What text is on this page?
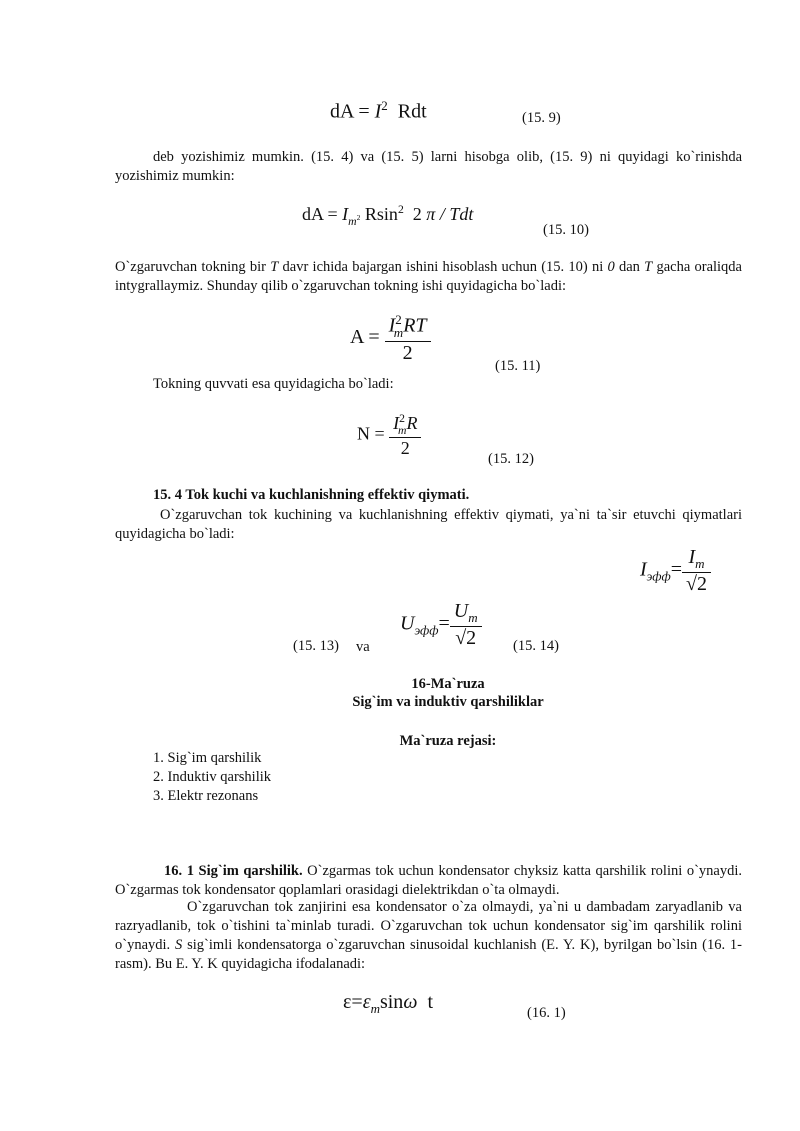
dA = $I^2$ Rdt	(15. 9)
deb yozishimiz mumkin. (15. 4) va (15. 5) larni hisobga olib, (15. 9) ni quyidagi ko`rinishda yozishimiz mumkin:
dA = $I_{m^2}$ Rsin$^2$ 2 π / Tdt
(15. 10)
O`zgaruvchan tokning bir T davr ichida bajargan ishini hisoblash uchun (15. 10) ni 0 dan T gacha oraliqda intygrallaymiz. Shunday qilib o`zgaruvchan tokning ishi quyidagicha bo`ladi:
$A = \frac{I^2_mRT}{2}$
(15. 11)
Tokning quvvati esa quyidagicha bo`ladi:
$N = \frac{I^2_mR}{2}$
(15. 12)
15. 4 Tok kuchi va kuchlanishning effektiv qiymati.
O`zgaruvchan tok kuchining va kuchlanishning effektiv qiymati, ya`ni ta`sir etuvchi qiymatlari quyidagicha bo`ladi:
$I_{эфф}= \frac{I_m}{√2}$
$U_{эфф}= \frac{U_m}{√2}$
(15. 13) va	(15. 14)
16-Ma`ruza
Sig`im va induktiv qarshiliklar
Ma`ruza rejasi:
1. Sig`im qarshilik
2. Induktiv qarshilik
3. Elektr rezonans
16. 1 Sig`im qarshilik. O`zgarmas tok uchun kondensator chyksiz katta qarshilik rolini o`ynaydi. O`zgarmas tok kondensator qoplamlari orasidagi dielektrikdan o`ta olmaydi.
O`zgaruvchan tok zanjirini esa kondensator o`za olmaydi, ya`ni u dambadam zaryadlanib va razryadlanib, tok o`tishini ta`minlab turadi. O`zgaruvchan tok uchun kondensator sig`im qarshilik rolini o`ynaydi. S sig`imli kondensatorga o`zgaruvchan sinusoidal kuchlanish (E. Y. K), byrilgan bo`lsin (16. 1-rasm). Bu E. Y. K quyidagicha ifodalanadi:
$\varepsilon=\varepsilon_m\sin\omega$ t	(16. 1)
